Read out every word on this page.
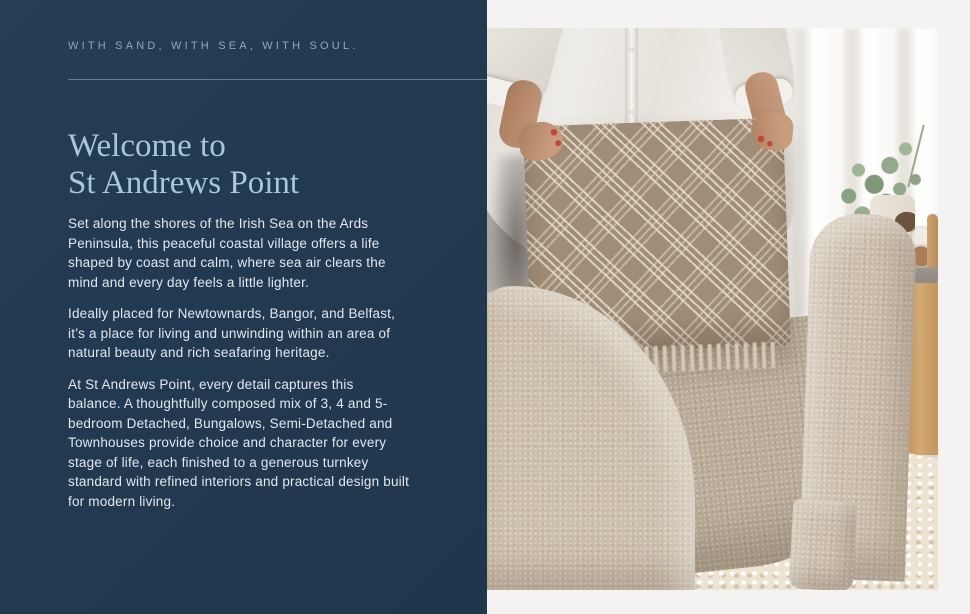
WITH SAND, WITH SEA, WITH SOUL.
Welcome to
St Andrews Point

Set along the shores of the Irish Sea on the Ards Peninsula, this peaceful coastal village offers a life shaped by coast and calm, where sea air clears the mind and every day feels a little lighter.

Ideally placed for Newtownards, Bangor, and Belfast, it’s a place for living and unwinding within an area of natural beauty and rich seafaring heritage.

At St Andrews Point, every detail captures this balance. A thoughtfully composed mix of 3, 4 and 5-bedroom Detached, Bungalows, Semi-Detached and Townhouses provide choice and character for every stage of life, each finished to a generous turnkey standard with refined interiors and practical design built for modern living.
